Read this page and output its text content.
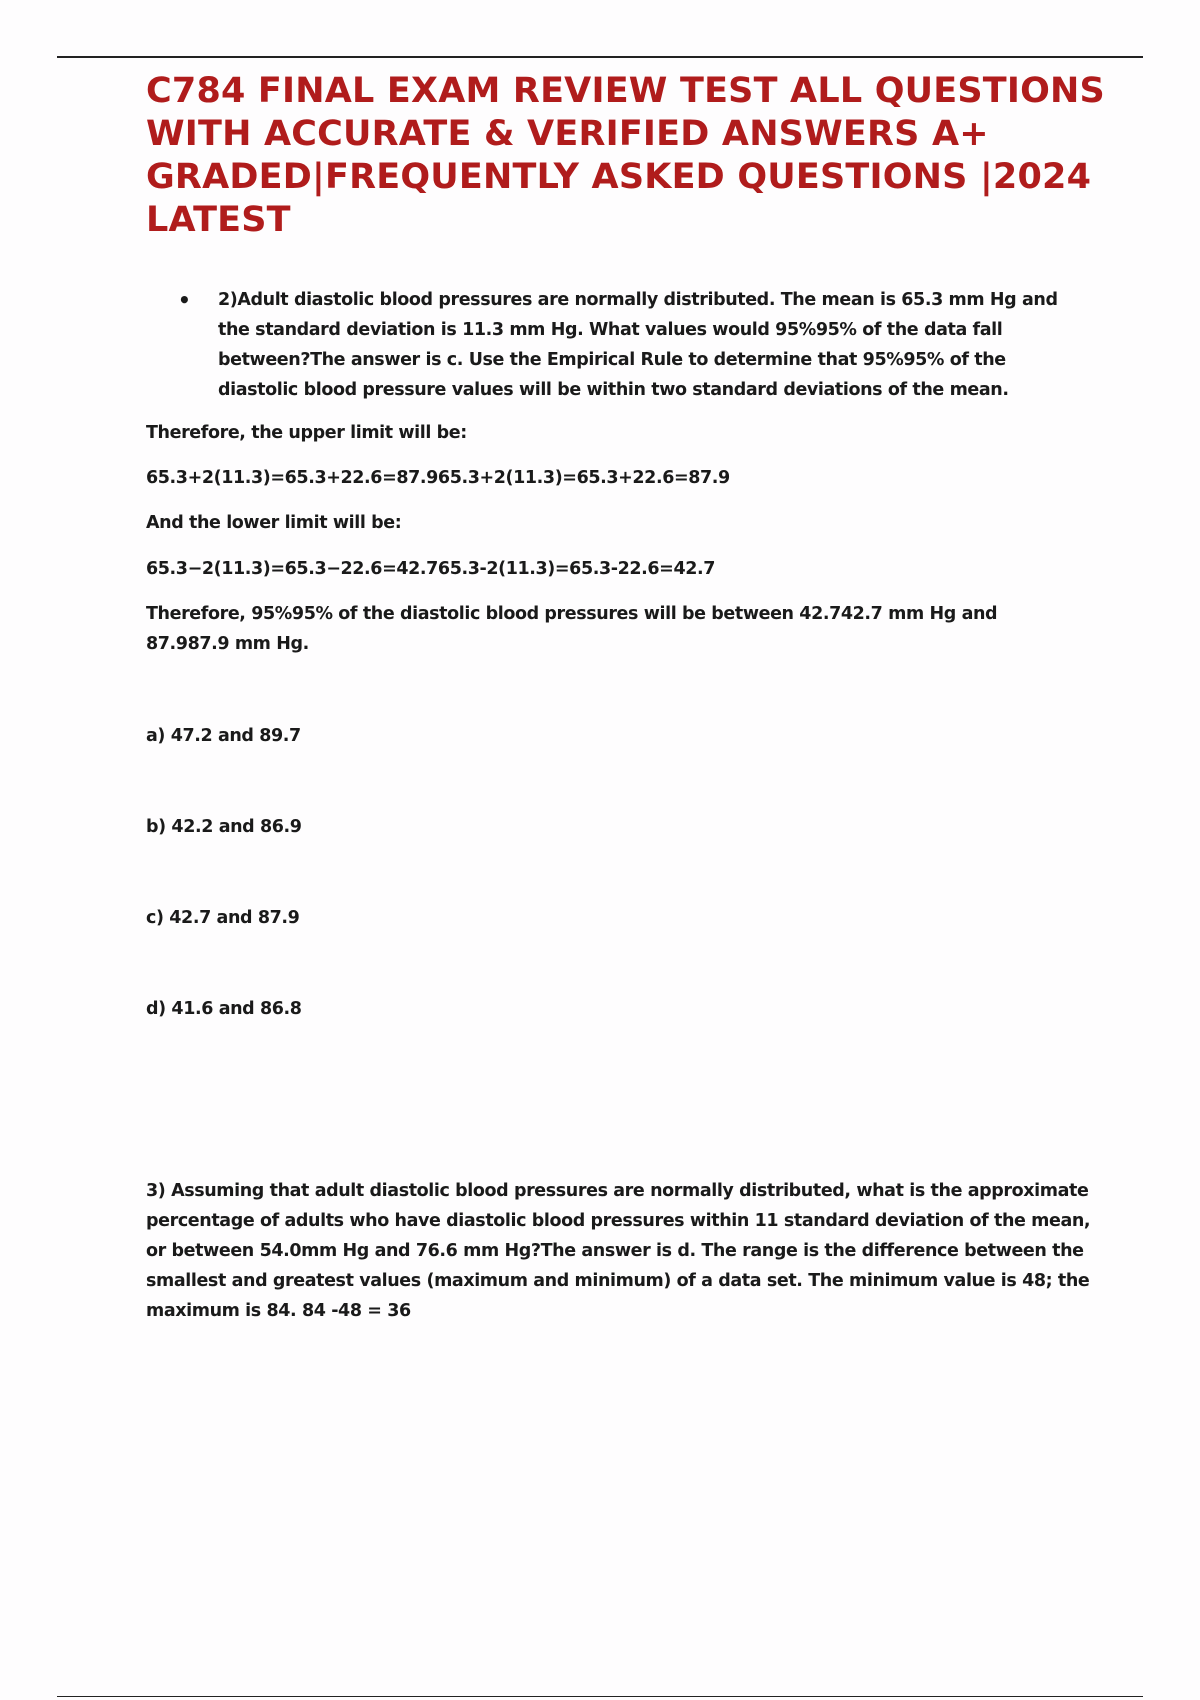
C784 FINAL EXAM REVIEW TEST ALL QUESTIONS WITH ACCURATE & VERIFIED ANSWERS A+ GRADED|FREQUENTLY ASKED QUESTIONS |2024 LATEST
•	2)Adult diastolic blood pressures are normally distributed. The mean is 65.3 mm Hg and the standard deviation is 11.3 mm Hg. What values would 95%95% of the data fall between?The answer is c. Use the Empirical Rule to determine that 95%95% of the diastolic blood pressure values will be within two standard deviations of the mean.
Therefore, the upper limit will be:
65.3+2(11.3)=65.3+22.6=87.965.3+2(11.3)=65.3+22.6=87.9
And the lower limit will be:
65.3−2(11.3)=65.3−22.6=42.765.3-2(11.3)=65.3-22.6=42.7
Therefore, 95%95% of the diastolic blood pressures will be between 42.742.7 mm Hg and 87.987.9 mm Hg.
a) 47.2 and 89.7
b) 42.2 and 86.9
c) 42.7 and 87.9
d) 41.6 and 86.8
3) Assuming that adult diastolic blood pressures are normally distributed, what is the approximate percentage of adults who have diastolic blood pressures within 11 standard deviation of the mean, or between 54.0mm Hg and 76.6 mm Hg?The answer is d. The range is the difference between the smallest and greatest values (maximum and minimum) of a data set. The minimum value is 48; the maximum is 84. 84 -48 = 36
